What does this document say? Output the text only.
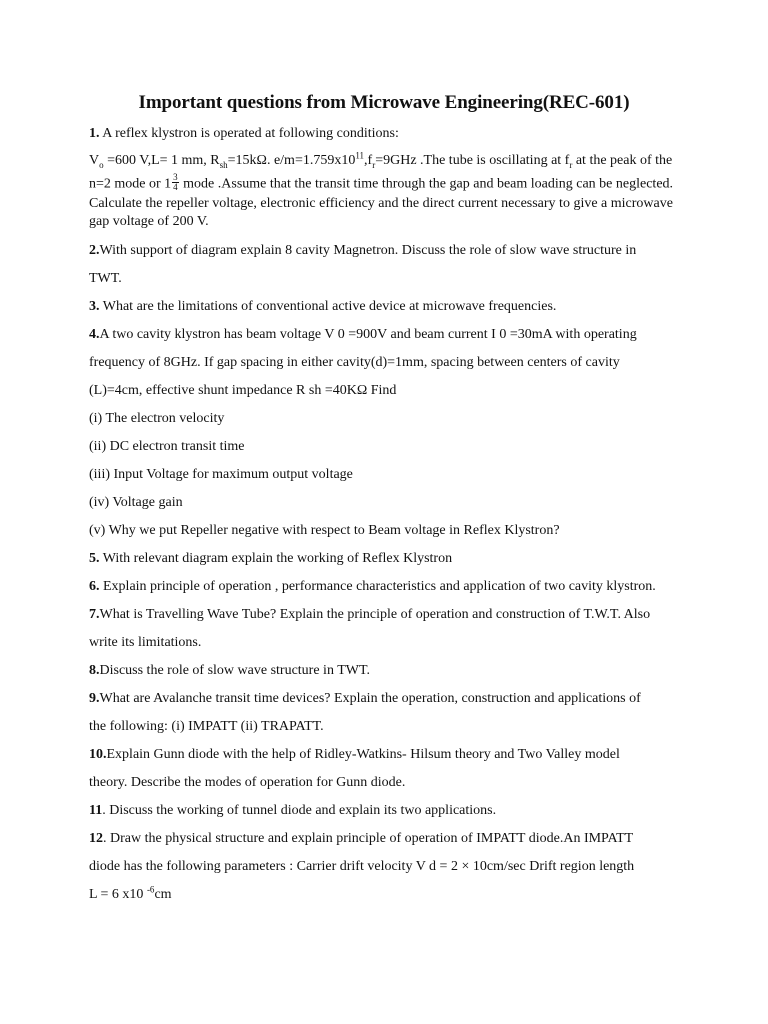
Important questions from Microwave Engineering(REC-601)
1. A reflex klystron is operated at following conditions:
$V_o =600$ V,L= 1 mm, $R_{sh}=15k\Omega$. $e/m=1.759x10^{11},f_r=9GHz$ .The tube is oscillating at $f_r$ at the peak of the
n=2 mode or $1 \frac{3}{4}$ mode .Assume that the transit time through the gap and beam loading can be neglected.
Calculate the repeller voltage, electronic efficiency and the direct current necessary to give a microwave
gap voltage of 200 V.
2.With support of diagram explain 8 cavity Magnetron. Discuss the role of slow wave structure in
TWT.
3. What are the limitations of conventional active device at microwave frequencies.
4.A two cavity klystron has beam voltage V 0 =900V and beam current I 0 =30mA with operating
frequency of 8GHz. If gap spacing in either cavity(d)=1mm, spacing between centers of cavity
(L)=4cm, effective shunt impedance R sh =40KΩ Find
(i) The electron velocity
(ii) DC electron transit time
(iii) Input Voltage for maximum output voltage
(iv) Voltage gain
(v) Why we put Repeller negative with respect to Beam voltage in Reflex Klystron?
5. With relevant diagram explain the working of Reflex Klystron
6. Explain principle of operation , performance characteristics and application of two cavity klystron.
7.What is Travelling Wave Tube? Explain the principle of operation and construction of T.W.T. Also
write its limitations.
8.Discuss the role of slow wave structure in TWT.
9.What are Avalanche transit time devices? Explain the operation, construction and applications of
the following: (i) IMPATT (ii) TRAPATT.
10.Explain Gunn diode with the help of Ridley-Watkins- Hilsum theory and Two Valley model
theory. Describe the modes of operation for Gunn diode.
11. Discuss the working of tunnel diode and explain its two applications.
12. Draw the physical structure and explain principle of operation of IMPATT diode.An IMPATT
diode has the following parameters : Carrier drift velocity V d = 2 × 10cm/sec Drift region length
L = 6 x10 $^{-6}$cm
